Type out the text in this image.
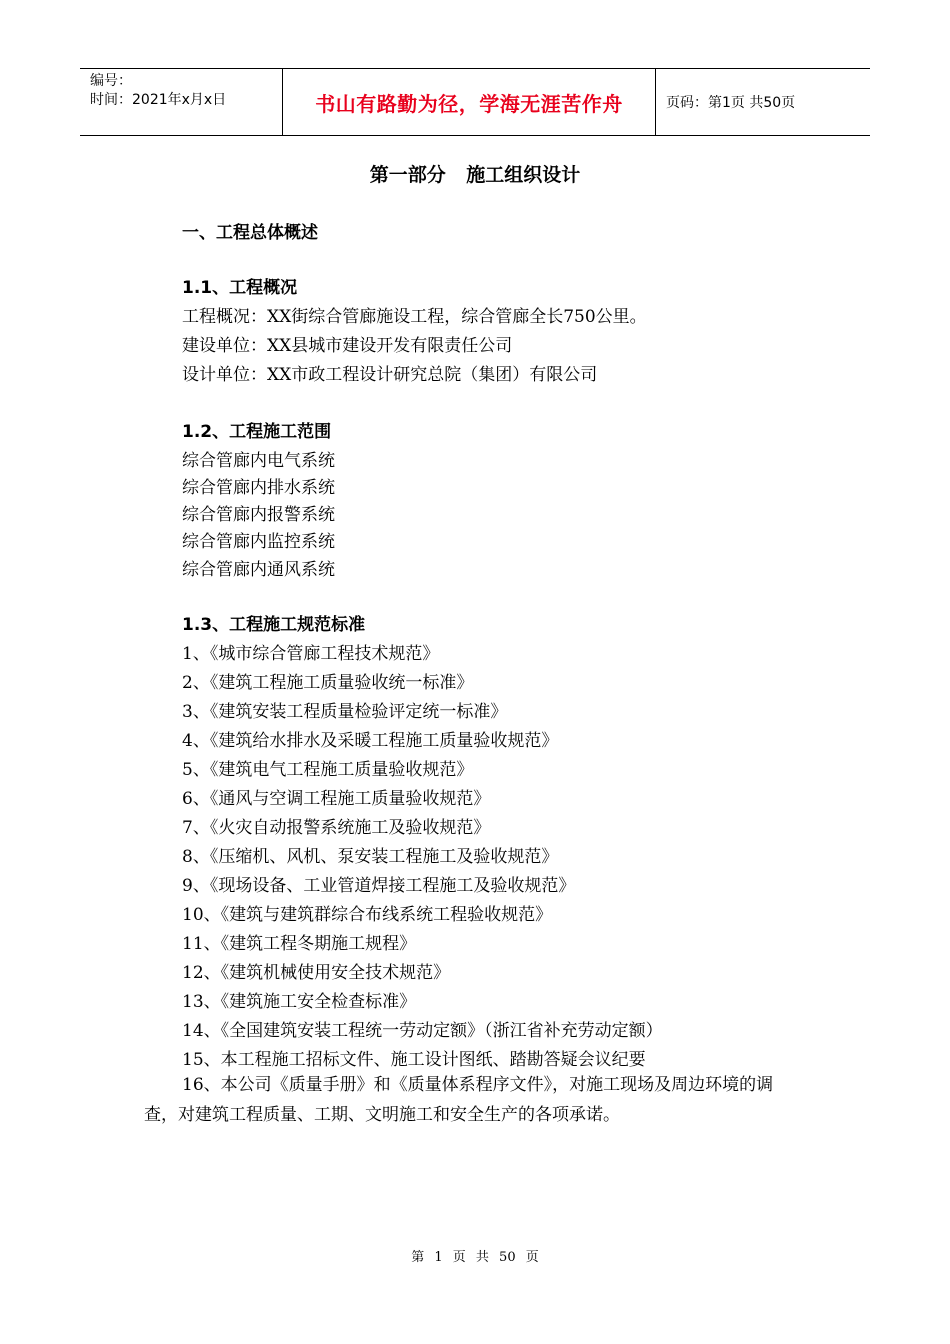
编号：
时间：2021年x月x日	书山有路勤为径，学海无涯苦作舟	页码：第1页 共50页
第一部分 施工组织设计
一、工程总体概述
1.1、工程概况
工程概况：XX街综合管廊施设工程，综合管廊全长750公里。
建设单位：XX县城市建设开发有限责任公司
设计单位：XX市政工程设计研究总院（集团）有限公司
1.2、工程施工范围
综合管廊内电气系统
综合管廊内排水系统
综合管廊内报警系统
综合管廊内监控系统
综合管廊内通风系统
1.3、工程施工规范标准
1、《城市综合管廊工程技术规范》
2、《建筑工程施工质量验收统一标准》
3、《建筑安装工程质量检验评定统一标准》
4、《建筑给水排水及采暖工程施工质量验收规范》
5、《建筑电气工程施工质量验收规范》
6、《通风与空调工程施工质量验收规范》
7、《火灾自动报警系统施工及验收规范》
8、《压缩机、风机、泵安装工程施工及验收规范》
9、《现场设备、工业管道焊接工程施工及验收规范》
10、《建筑与建筑群综合布线系统工程验收规范》
11、《建筑工程冬期施工规程》
12、《建筑机械使用安全技术规范》
13、《建筑施工安全检查标准》
14、《全国建筑安装工程统一劳动定额》（浙江省补充劳动定额）
15、本工程施工招标文件、施工设计图纸、踏勘答疑会议纪要
16、本公司《质量手册》和《质量体系程序文件》，对施工现场及周边环境的调查，对建筑工程质量、工期、文明施工和安全生产的各项承诺。
第 1 页 共 50 页
